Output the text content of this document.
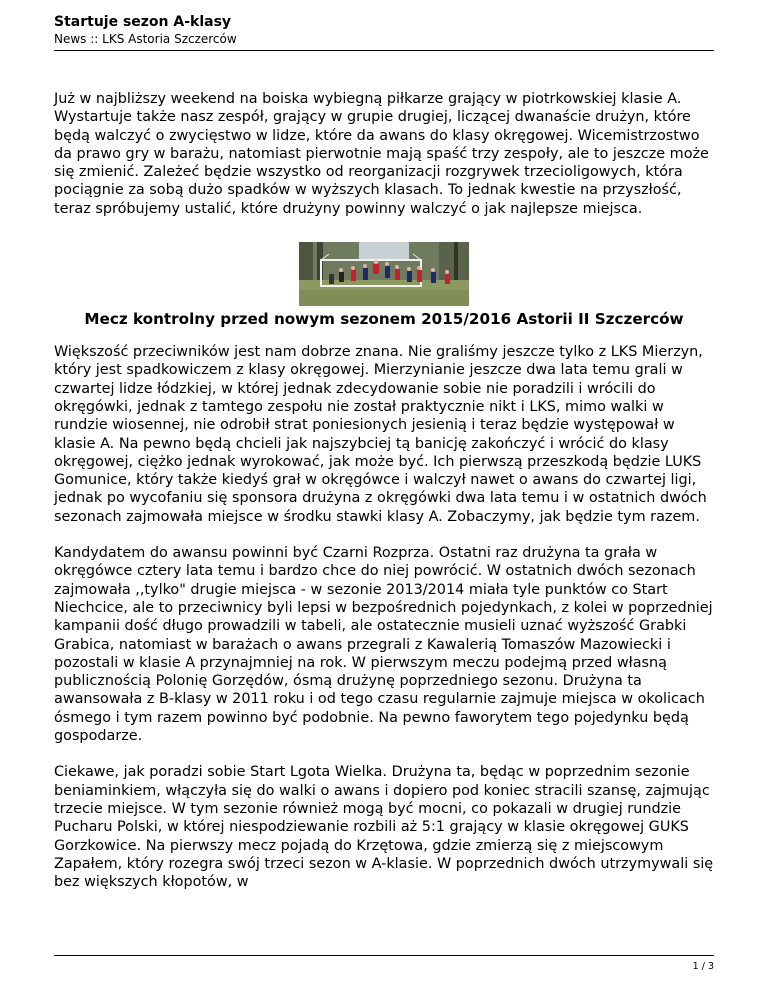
Startuje sezon A-klasy
News :: LKS Astoria Szczerców

Już w najbliższy weekend na boiska wybiegną piłkarze grający w piotrkowskiej klasie A. Wystartuje także nasz zespół, grający w grupie drugiej, liczącej dwanaście drużyn, które będą walczyć o zwycięstwo w lidze, które da awans do klasy okręgowej. Wicemistrzostwo da prawo gry w barażu, natomiast pierwotnie mają spaść trzy zespoły, ale to jeszcze może się zmienić. Zależeć będzie wszystko od reorganizacji rozgrywek trzecioligowych, która pociągnie za sobą dużo spadków w wyższych klasach. To jednak kwestie na przyszłość, teraz spróbujemy ustalić, które drużyny powinny walczyć o jak najlepsze miejsca.

Mecz kontrolny przed nowym sezonem 2015/2016 Astorii II Szczerców

Większość przeciwników jest nam dobrze znana. Nie graliśmy jeszcze tylko z LKS Mierzyn, który jest spadkowiczem z klasy okręgowej. Mierzynianie jeszcze dwa lata temu grali w czwartej lidze łódzkiej, w której jednak zdecydowanie sobie nie poradzili i wrócili do okręgówki, jednak z tamtego zespołu nie został praktycznie nikt i LKS, mimo walki w rundzie wiosennej, nie odrobił strat poniesionych jesienią i teraz będzie występował w klasie A. Na pewno będą chcieli jak najszybciej tą banicję zakończyć i wrócić do klasy okręgowej, ciężko jednak wyrokować, jak może być. Ich pierwszą przeszkodą będzie LUKS Gomunice, który także kiedyś grał w okręgówce i walczył nawet o awans do czwartej ligi, jednak po wycofaniu się sponsora drużyna z okręgówki dwa lata temu i w ostatnich dwóch sezonach zajmowała miejsce w środku stawki klasy A. Zobaczymy, jak będzie tym razem.

Kandydatem do awansu powinni być Czarni Rozprza. Ostatni raz drużyna ta grała w okręgówce cztery lata temu i bardzo chce do niej powrócić. W ostatnich dwóch sezonach zajmowała ,,tylko" drugie miejsca - w sezonie 2013/2014 miała tyle punktów co Start Niechcice, ale to przeciwnicy byli lepsi w bezpośrednich pojedynkach, z kolei w poprzedniej kampanii dość długo prowadzili w tabeli, ale ostatecznie musieli uznać wyższość Grabki Grabica, natomiast w barażach o awans przegrali z Kawalerią Tomaszów Mazowiecki i pozostali w klasie A przynajmniej na rok. W pierwszym meczu podejmą przed własną publicznością Polonię Gorzędów, ósmą drużynę poprzedniego sezonu. Drużyna ta awansowała z B-klasy w 2011 roku i od tego czasu regularnie zajmuje miejsca w okolicach ósmego i tym razem powinno być podobnie. Na pewno faworytem tego pojedynku będą gospodarze.

Ciekawe, jak poradzi sobie Start Lgota Wielka. Drużyna ta, będąc w poprzednim sezonie beniaminkiem, włączyła się do walki o awans i dopiero pod koniec stracili szansę, zajmując trzecie miejsce. W tym sezonie również mogą być mocni, co pokazali w drugiej rundzie Pucharu Polski, w której niespodziewanie rozbili aż 5:1 grający w klasie okręgowej GUKS Gorzkowice. Na pierwszy mecz pojadą do Krzętowa, gdzie zmierzą się z miejscowym Zapałem, który rozegra swój trzeci sezon w A-klasie. W poprzednich dwóch utrzymywali się bez większych kłopotów, w

1 / 3
